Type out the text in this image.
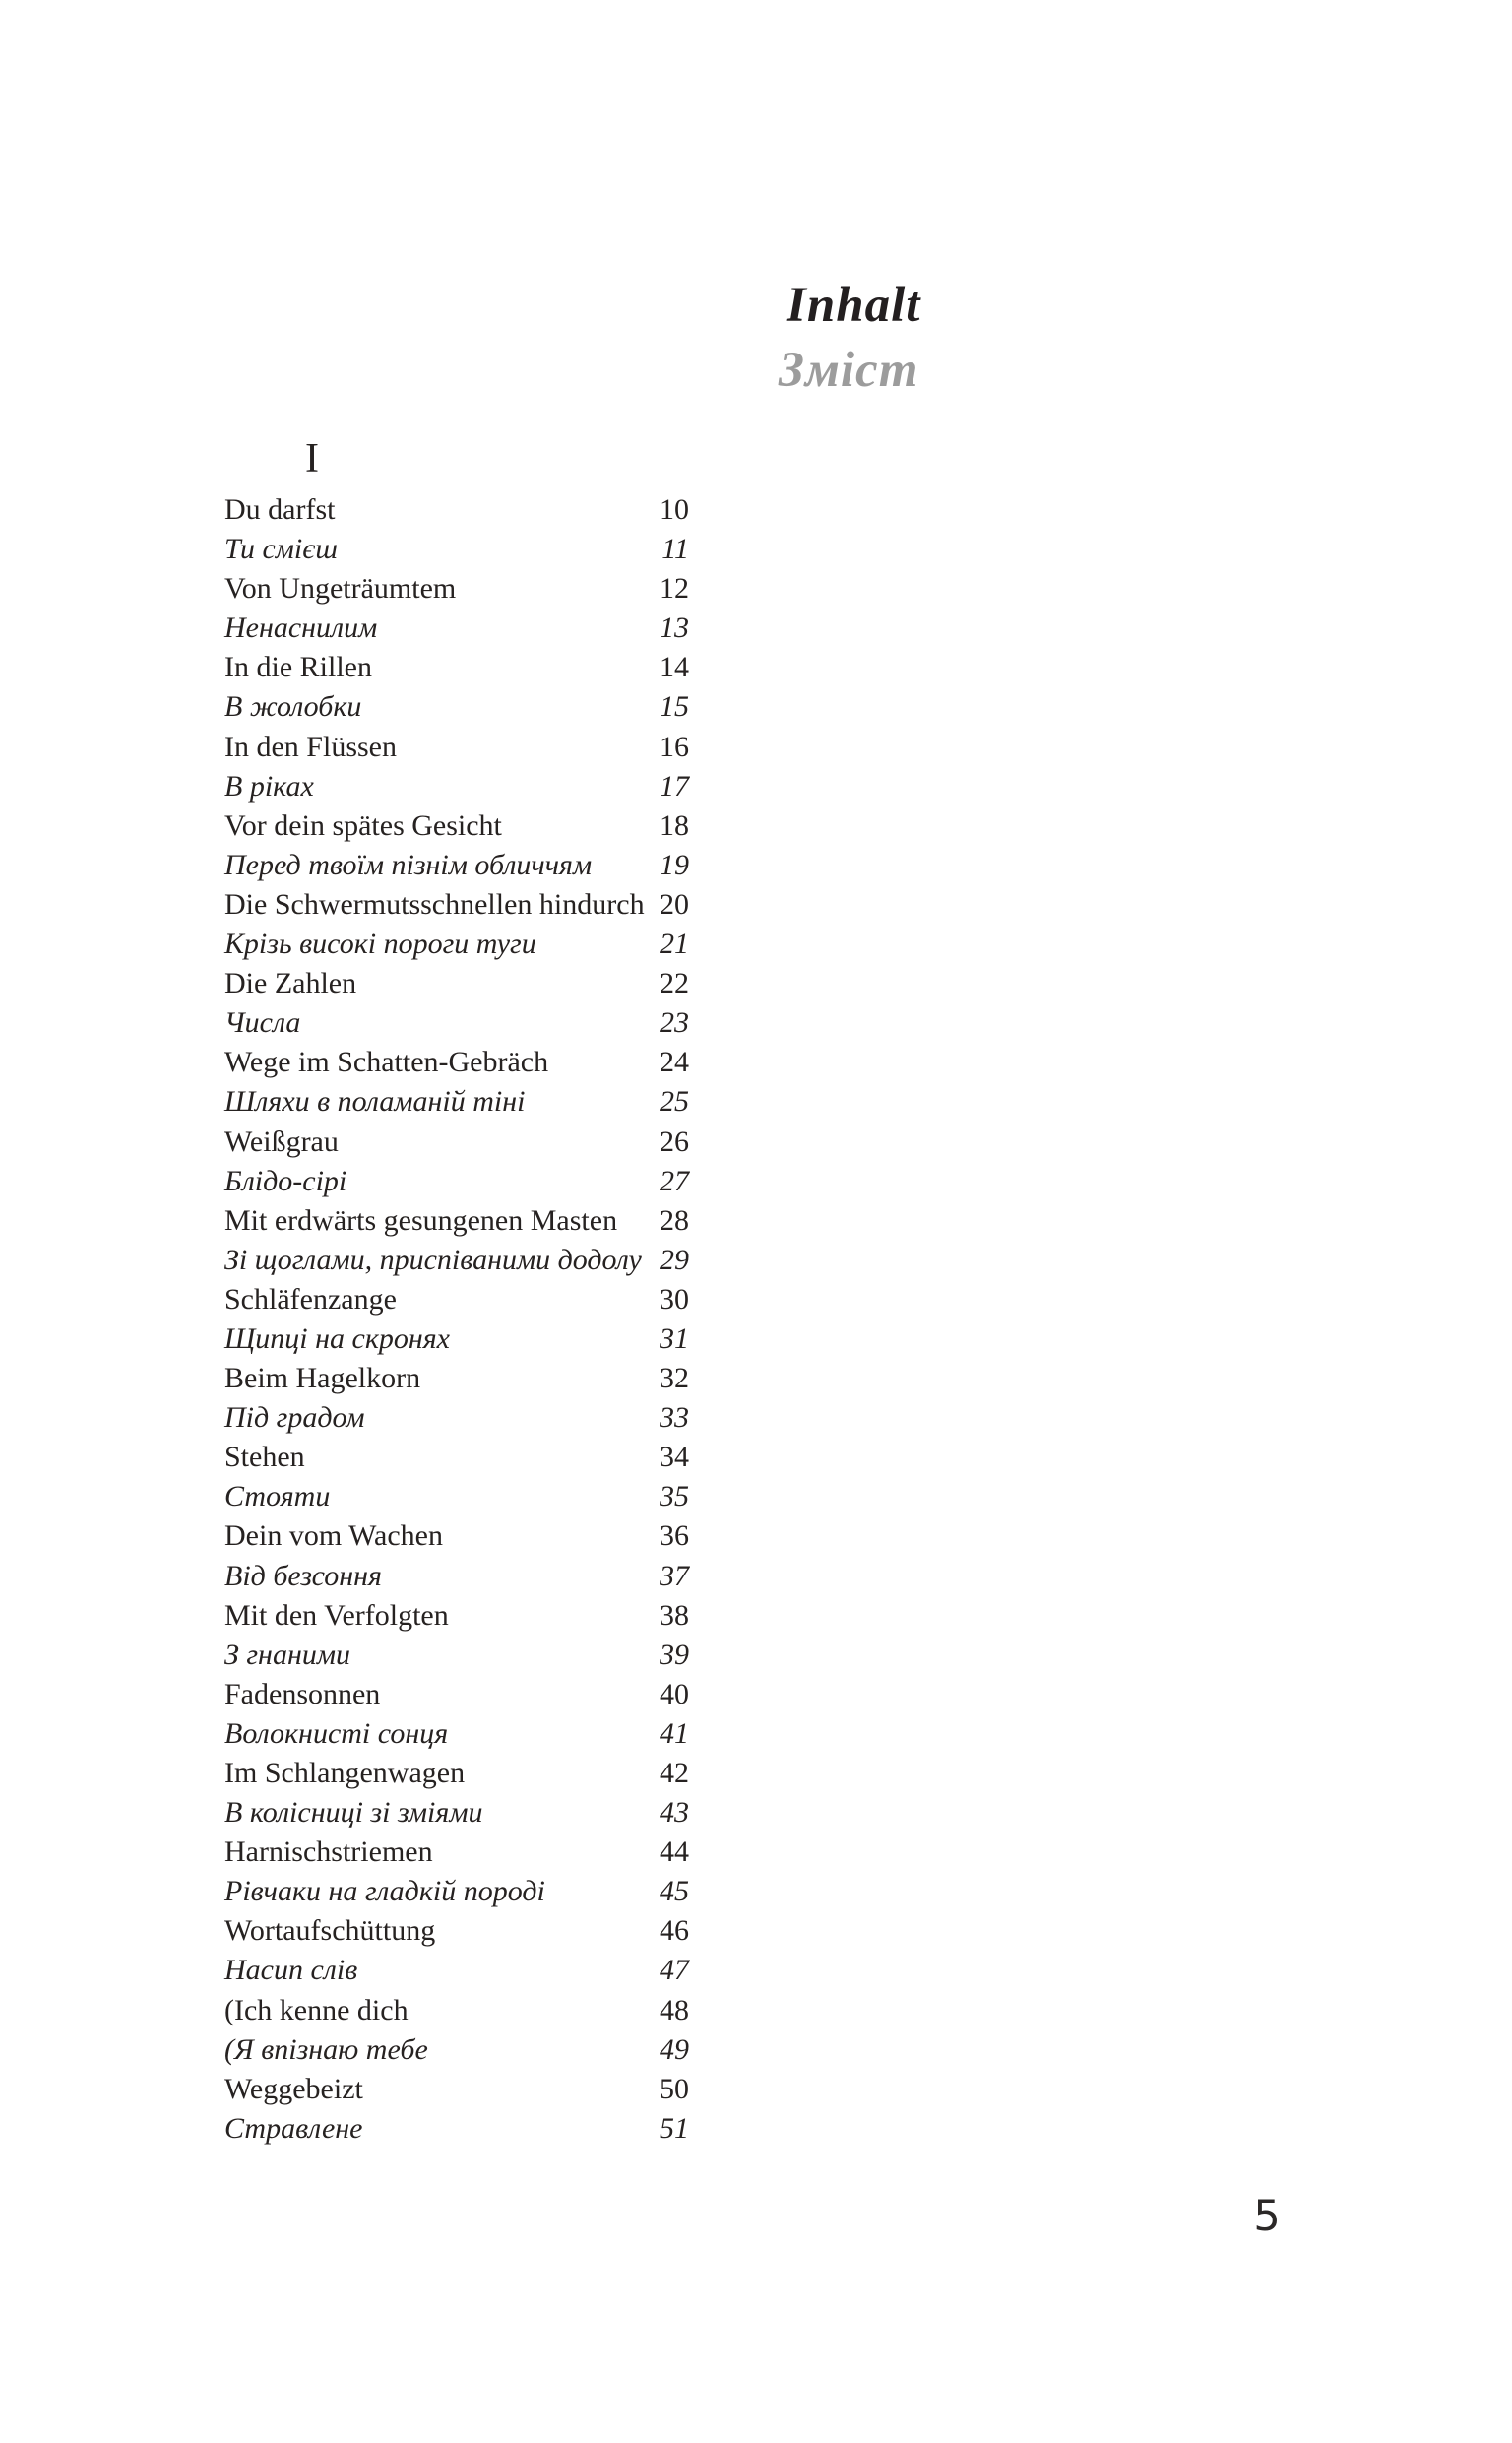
Inhalt
Зміст
I
Du darfst	10
Ти смієш	11
Von Ungeträumtem	12
Ненаснилим	13
In die Rillen	14
В жолобки	15
In den Flüssen	16
В ріках	17
Vor dein spätes Gesicht	18
Перед твоїм пізнім обличчям 19
Die Schwermutsschnellen hindurch 20
Крізь високі пороги туги	21
Die Zahlen	22
Числа	23
Wege im Schatten-Gebräch	24
Шляхи в поламаній тіні	25
Weißgrau	26
Блідо-сірі	27
Mit erdwärts gesungenen Masten 28
Зі щоглами, приспіваними додолу 29
Schläfenzange	30
Щипці на скронях	31
Beim Hagelkorn	32
Під градом	33
Stehen	34
Стояти	35
Dein vom Wachen	36
Від безсоння	37
Mit den Verfolgten	38
З гнаними	39
Fadensonnen	40
Волокнисті сонця	41
Im Schlangenwagen	42
В колісниці зі зміями	43
Harnischstriemen	44
Рівчаки на гладкій породі	45
Wortaufschüttung	46
Насип слів	47
(Ich kenne dich	48
(Я впізнаю тебе	49
Weggebeizt	50
Стравлене	51
5
